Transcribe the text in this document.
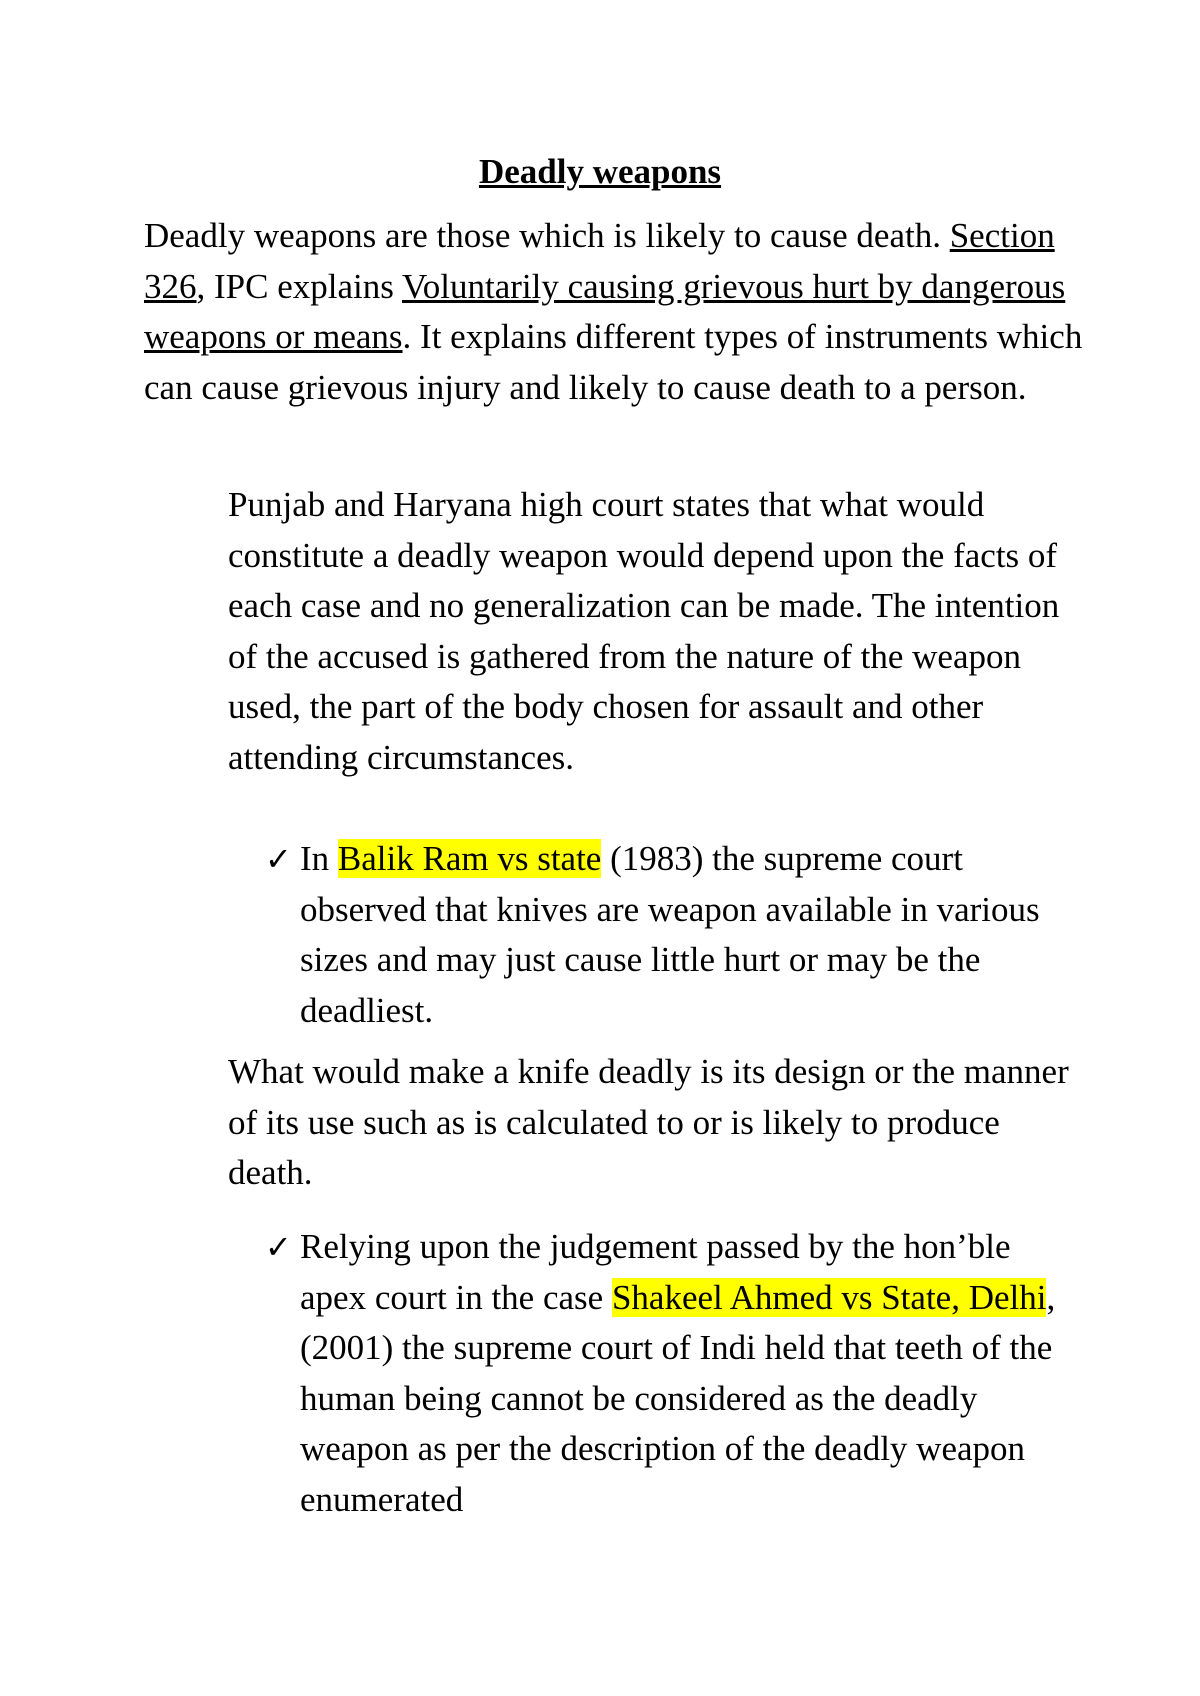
Deadly weapons

Deadly weapons are those which is likely to cause death. Section 326, IPC explains Voluntarily causing grievous hurt by dangerous weapons or means. It explains different types of instruments which can cause grievous injury and likely to cause death to a person.

Punjab and Haryana high court states that what would constitute a deadly weapon would depend upon the facts of each case and no generalization can be made. The intention of the accused is gathered from the nature of the weapon used, the part of the body chosen for assault and other attending circumstances.

✓ In Balik Ram vs state (1983) the supreme court observed that knives are weapon available in various sizes and may just cause little hurt or may be the deadliest.

What would make a knife deadly is its design or the manner of its use such as is calculated to or is likely to produce death.

✓ Relying upon the judgement passed by the hon’ble apex court in the case Shakeel Ahmed vs State, Delhi, (2001) the supreme court of Indi held that teeth of the human being cannot be considered as the deadly weapon as per the description of the deadly weapon enumerated
